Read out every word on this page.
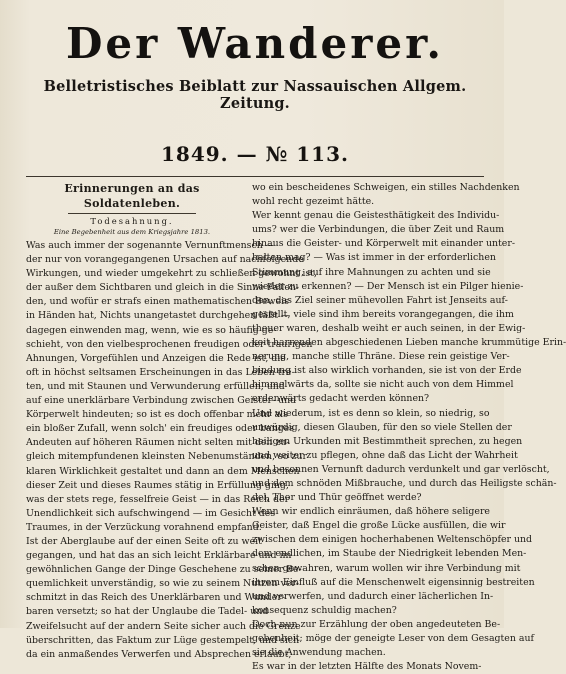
Der Wanderer.
Belletristisches Beiblatt zur Nassauischen Allgem. Zeitung.
1849. — № 113.
Erinnerungen an das Soldatenleben.
Todesahnung.
Eine Begebenheit aus dem Kriegsjahre 1813.
Was auch immer der sogenannte Vernunftmensch —
der nur von vorangegangenen Ursachen auf nachfolgende
Wirkungen, und wieder umgekehrt zu schließen gewohnt ist,
der außer dem Sichtbaren und gleich in die Sinne Fallen-
den, und wofür er strafs einen mathematischen Beweis
in Händen hat, Nichts unangetastet durchgehen läßt —
dagegen einwenden mag, wenn, wie es so häufig ge-
schieht, von den vielbesprochenen freudigen oder traurigen
Ahnungen, Vorgefühlen und Anzeigen die Rede ist, die
oft in höchst seltsamen Erscheinungen in das Leben tre-
ten, und mit Staunen und Verwunderung erfüllen, und
auf eine unerklärbare Verbindung zwischen Geister- und
Körperwelt hindeuten; so ist es doch offenbar mehr als
ein bloßer Zufall, wenn solch' ein freudiges oder banges
Andeuten auf höheren Räumen nicht selten mit den zu-
gleich mitempfundenen kleinsten Nebenumständen, so zur
klaren Wirklichkeit gestaltet und dann an dem Menschen
dieser Zeit und dieses Raumes stätig in Erfüllung ging,
was der stets rege, fesselfreie Geist — in das Reich der
Unendlichkeit sich aufschwingend — im Gesicht des
Traumes, in der Verzückung vorahnend empfand.
Ist der Aberglaube auf der einen Seite oft zu weit
gegangen, und hat das an sich leicht Erklärbare und im
gewöhnlichen Gange der Dinge Geschehene zu seiner Be-
quemlichkeit unverständig, so wie zu seinem Nutzen ver-
schmitzt in das Reich des Unerklärbaren und Wunder-
baren versetzt; so hat der Unglaube die Tadel- und
Zweifelsucht auf der andern Seite sicher auch die Grenze
überschritten, das Faktum zur Lüge gestempelt, und sich
da ein anmaßendes Verwerfen und Absprechen erlaubt,
wo ein bescheidenes Schweigen, ein stilles Nachdenken
wohl recht gezeimt hätte.
Wer kennt genau die Geistesthätigkeit des Individu-
ums? wer die Verbindungen, die über Zeit und Raum
hinaus die Geister- und Körperwelt mit einander unter-
halten mag? — Was ist immer in der erforderlichen
Stimmung, auf ihre Mahnungen zu achten und sie
wieder zu erkennen? — Der Mensch ist ein Pilger hienie-
den, das Ziel seiner mühevollen Fahrt ist Jenseits auf-
gestellt, viele sind ihm bereits vorangegangen, die ihm
theuer waren, deshalb weiht er auch seinen, in der Ewig-
keit harrenden abgeschiedenen Lieben manche krummütige Erin-
nerung, manche stille Thräne. Diese rein geistige Ver-
bindung ist also wirklich vorhanden, sie ist von der Erde
himmelwärts da, sollte sie nicht auch von dem Himmel
erdenwärts gedacht werden können?
Und wiederum, ist es denn so klein, so niedrig, so
unwürdig, diesen Glauben, für den so viele Stellen der
heiligen Urkunden mit Bestimmtheit sprechen, zu hegen
und weiter zu pflegen, ohne daß das Licht der Wahrheit
und besonnen Vernunft dadurch verdunkelt und gar verlöscht,
und dem schnöden Mißbrauche, und durch das Heiligste schän-
del, Thor und Thür geöffnet werde?
Wenn wir endlich einräumen, daß höhere seligere
Geister, daß Engel die große Lücke ausfüllen, die wir
zwischen dem einigen hocherhabenen Weltenschöpfer und
dem endlichen, im Staube der Niedrigkeit lebenden Men-
schen gewahren, warum wollen wir ihre Verbindung mit
ihrem Einfluß auf die Menschenwelt eigensinnig bestreiten
und verwerfen, und dadurch einer lächerlichen In-
konsequenz schuldig machen?
Doch nun zur Erzählung der oben angedeuteten Be-
gebenheit; möge der geneigte Leser von dem Gesagten auf
sie die Anwendung machen.
Es war in der letzten Hälfte des Monats Novem-
